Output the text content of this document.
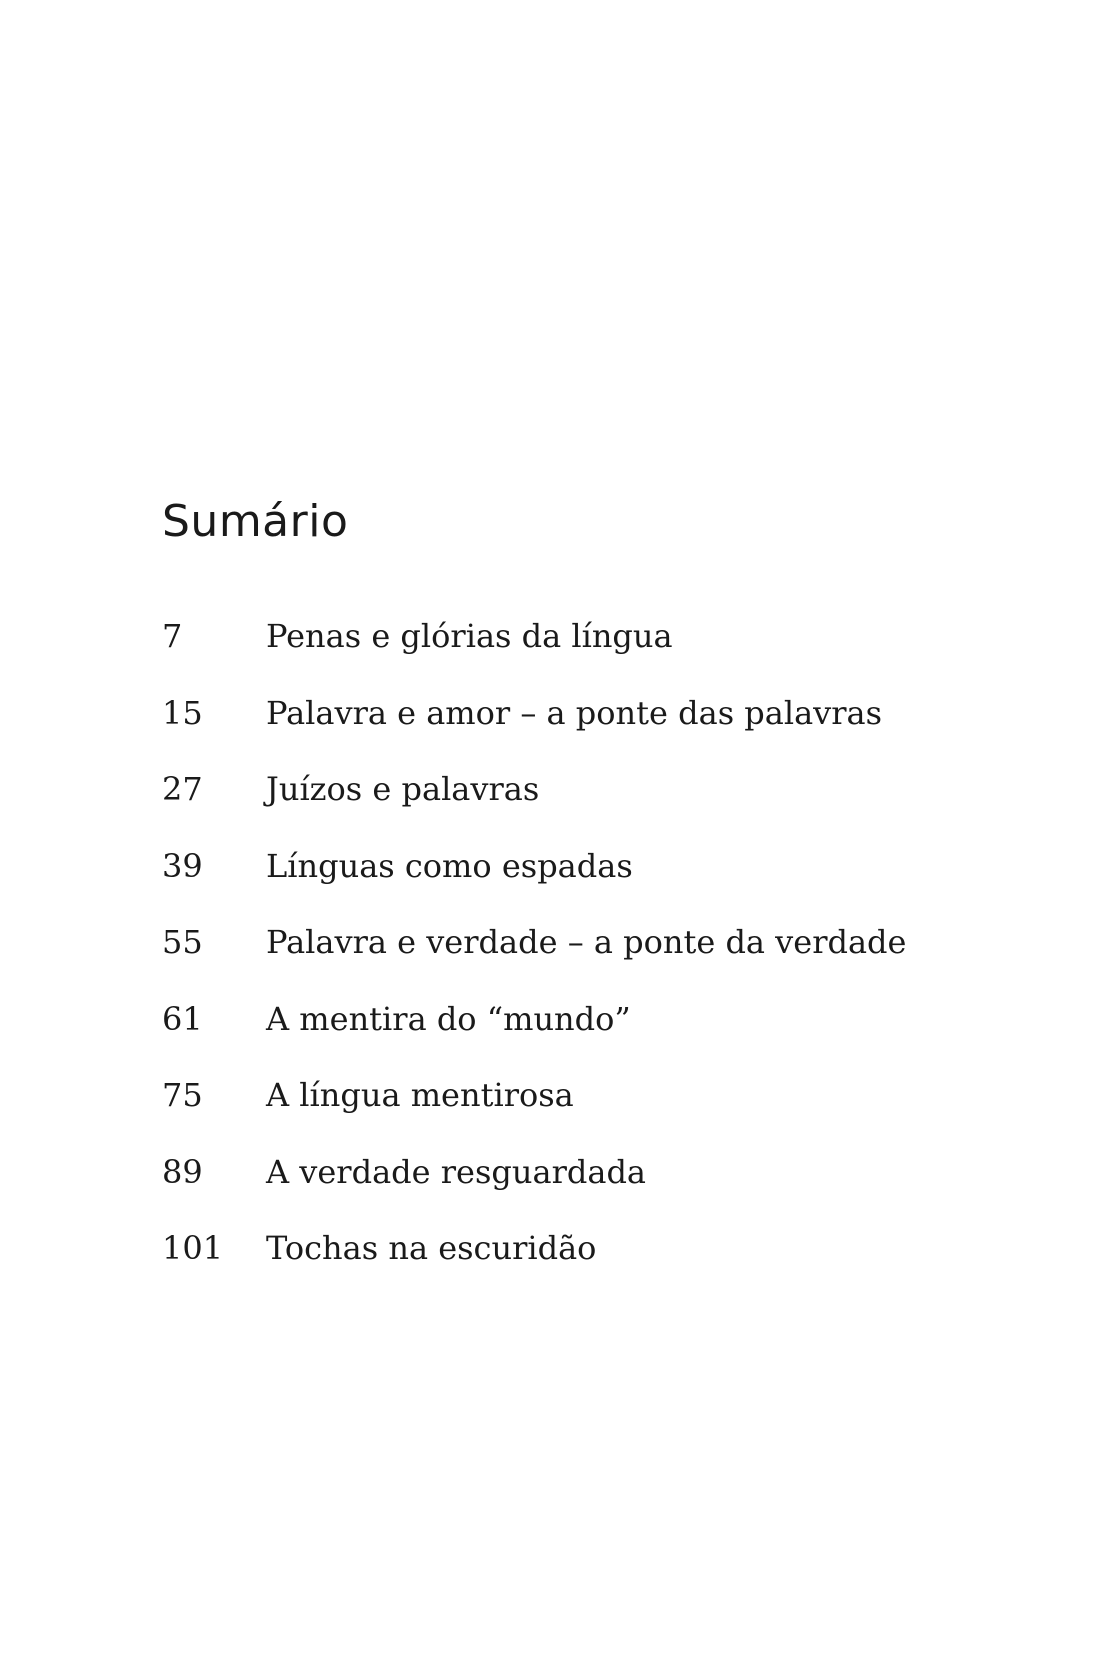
Sumário
7	Penas e glórias da língua
15	Palavra e amor – a ponte das palavras
27	Juízos e palavras
39	Línguas como espadas
55	Palavra e verdade – a ponte da verdade
61	A mentira do “mundo”
75	A língua mentirosa
89	A verdade resguardada
101	Tochas na escuridão
